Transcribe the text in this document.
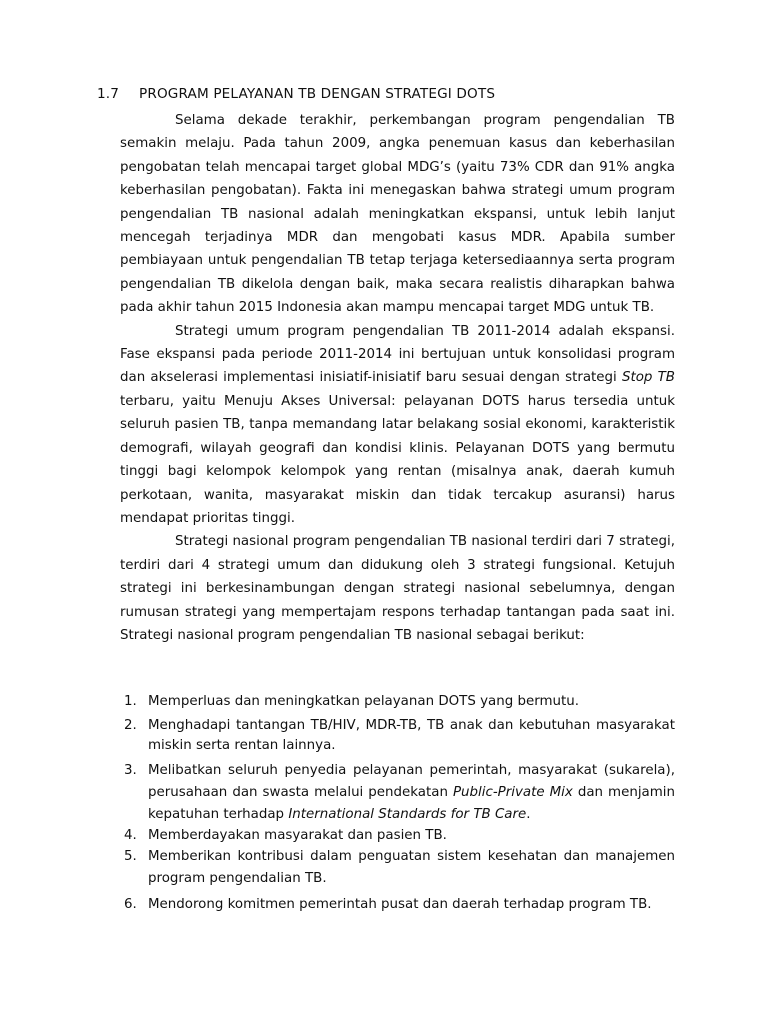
1.7 PROGRAM PELAYANAN TB DENGAN STRATEGI DOTS

Selama dekade terakhir, perkembangan program pengendalian TB semakin melaju. Pada tahun 2009, angka penemuan kasus dan keberhasilan pengobatan telah mencapai target global MDG’s (yaitu 73% CDR dan 91% angka keberhasilan pengobatan). Fakta ini menegaskan bahwa strategi umum program pengendalian TB nasional adalah meningkatkan ekspansi, untuk lebih lanjut mencegah terjadinya MDR dan mengobati kasus MDR. Apabila sumber pembiayaan untuk pengendalian TB tetap terjaga ketersediaannya serta program pengendalian TB dikelola dengan baik, maka secara realistis diharapkan bahwa pada akhir tahun 2015 Indonesia akan mampu mencapai target MDG untuk TB.

Strategi umum program pengendalian TB 2011-2014 adalah ekspansi. Fase ekspansi pada periode 2011-2014 ini bertujuan untuk konsolidasi program dan akselerasi implementasi inisiatif-inisiatif baru sesuai dengan strategi Stop TB terbaru, yaitu Menuju Akses Universal: pelayanan DOTS harus tersedia untuk seluruh pasien TB, tanpa memandang latar belakang sosial ekonomi, karakteristik demografi, wilayah geografi dan kondisi klinis. Pelayanan DOTS yang bermutu tinggi bagi kelompok kelompok yang rentan (misalnya anak, daerah kumuh perkotaan, wanita, masyarakat miskin dan tidak tercakup asuransi) harus mendapat prioritas tinggi.

Strategi nasional program pengendalian TB nasional terdiri dari 7 strategi, terdiri dari 4 strategi umum dan didukung oleh 3 strategi fungsional. Ketujuh strategi ini berkesinambungan dengan strategi nasional sebelumnya, dengan rumusan strategi yang mempertajam respons terhadap tantangan pada saat ini. Strategi nasional program pengendalian TB nasional sebagai berikut:

1. Memperluas dan meningkatkan pelayanan DOTS yang bermutu.
2. Menghadapi tantangan TB/HIV, MDR-TB, TB anak dan kebutuhan masyarakat miskin serta rentan lainnya.
3. Melibatkan seluruh penyedia pelayanan pemerintah, masyarakat (sukarela), perusahaan dan swasta melalui pendekatan Public-Private Mix dan menjamin kepatuhan terhadap International Standards for TB Care.
4. Memberdayakan masyarakat dan pasien TB.
5. Memberikan kontribusi dalam penguatan sistem kesehatan dan manajemen program pengendalian TB.
6. Mendorong komitmen pemerintah pusat dan daerah terhadap program TB.
